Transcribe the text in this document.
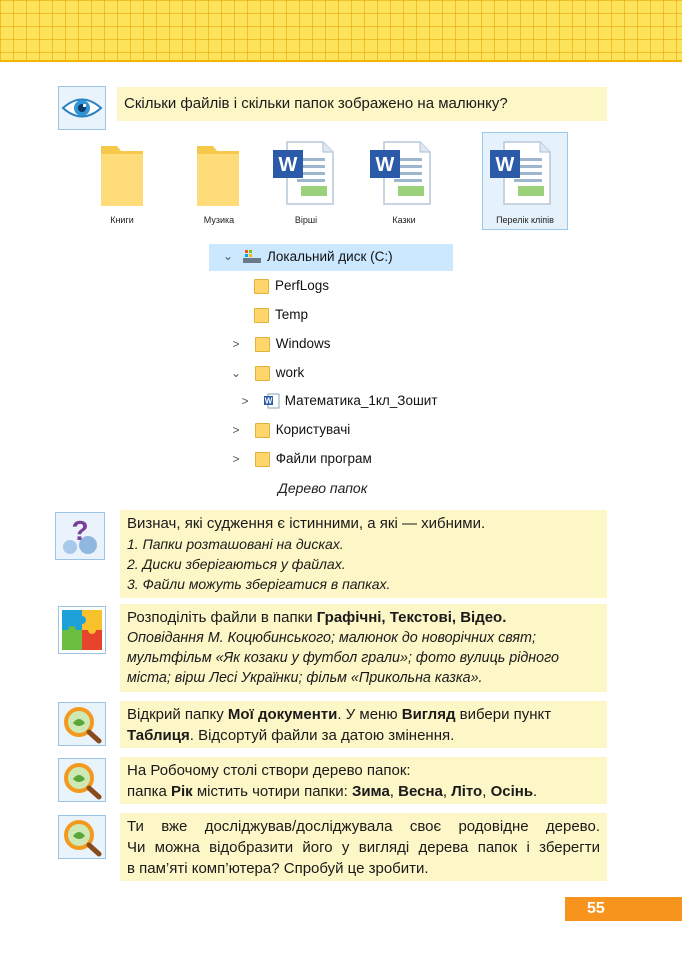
Скільки файлів і скільки папок зображено на малюнку?
Книги	Музика
W
Вірші
W
Казки
W
Перелік кліпів
⌄	Локальний диск (C:)
PerfLogs
Temp
>	Windows
⌄	work
> W Математика_1кл_Зошит
>	Користувачі
>	Файли програм
Дерево папок
?	Визнач, які судження є істинними, а які — хибними.
1. Папки розташовані на дисках.
2. Диски зберігаються у файлах.
3. Файли можуть зберігатися в папках.
Розподіліть файли в папки Графічні, Текстові, Відео.
Оповідання М. Коцюбинського; малюнок до новорічних свят;
мультфільм «Як козаки у футбол грали»; фото вулиць рідного
міста; вірш Лесі Українки; фільм «Прикольна казка».
Відкрий папку Мої документи. У меню Вигляд вибери пункт
Таблиця. Відсортуй файли за датою змінення.
На Робочому столі створи дерево папок:
папка Рік містить чотири папки: Зима, Весна, Літо, Осінь.
Ти вже досліджував/досліджувала своє родовідне дерево.
Чи можна відобразити його у вигляді дерева папок і зберегти
в пам’яті комп’ютера? Спробуй це зробити.
55
